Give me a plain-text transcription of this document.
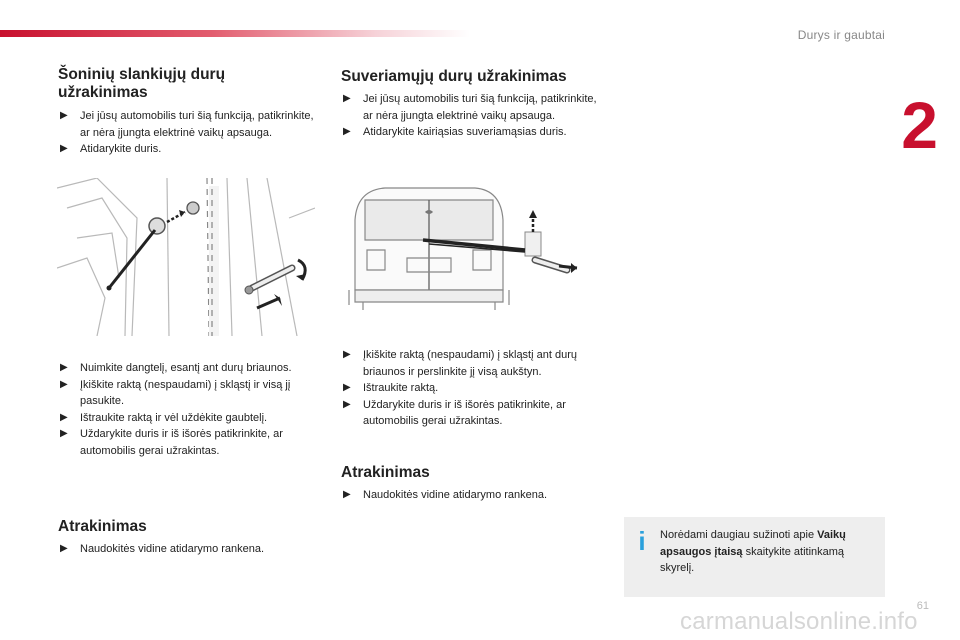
Durys ir gaubtai
2
Šoninių slankiųjų durų užrakinimas
▶︎ Jei jūsų automobilis turi šią funkciją, patikrinkite, ar nėra įjungta elektrinė vaikų apsauga.
▶︎ Atidarykite duris.
▶︎ Nuimkite dangtelį, esantį ant durų briaunos.
▶︎ Įkiškite raktą (nespaudami) į skląstį ir visą jį pasukite.
▶︎ Ištraukite raktą ir vėl uždėkite gaubtelį.
▶︎ Uždarykite duris ir iš išorės patikrinkite, ar automobilis gerai užrakintas.
Atrakinimas
▶︎ Naudokitės vidine atidarymo rankena.
Suveriamųjų durų užrakinimas
▶︎ Jei jūsų automobilis turi šią funkciją, patikrinkite, ar nėra įjungta elektrinė vaikų apsauga.
▶︎ Atidarykite kairiąsias suveriamąsias duris.
▶︎ Įkiškite raktą (nespaudami) į skląstį ant durų briaunos ir perslinkite jį visą aukštyn.
▶︎ Ištraukite raktą.
▶︎ Uždarykite duris ir iš išorės patikrinkite, ar automobilis gerai užrakintas.
Atrakinimas
▶︎ Naudokitės vidine atidarymo rankena.
i	Norėdami daugiau sužinoti apie Vaikų apsaugos įtaisą skaitykite atitinkamą skyrelį.
61
carmanualsonline.info
